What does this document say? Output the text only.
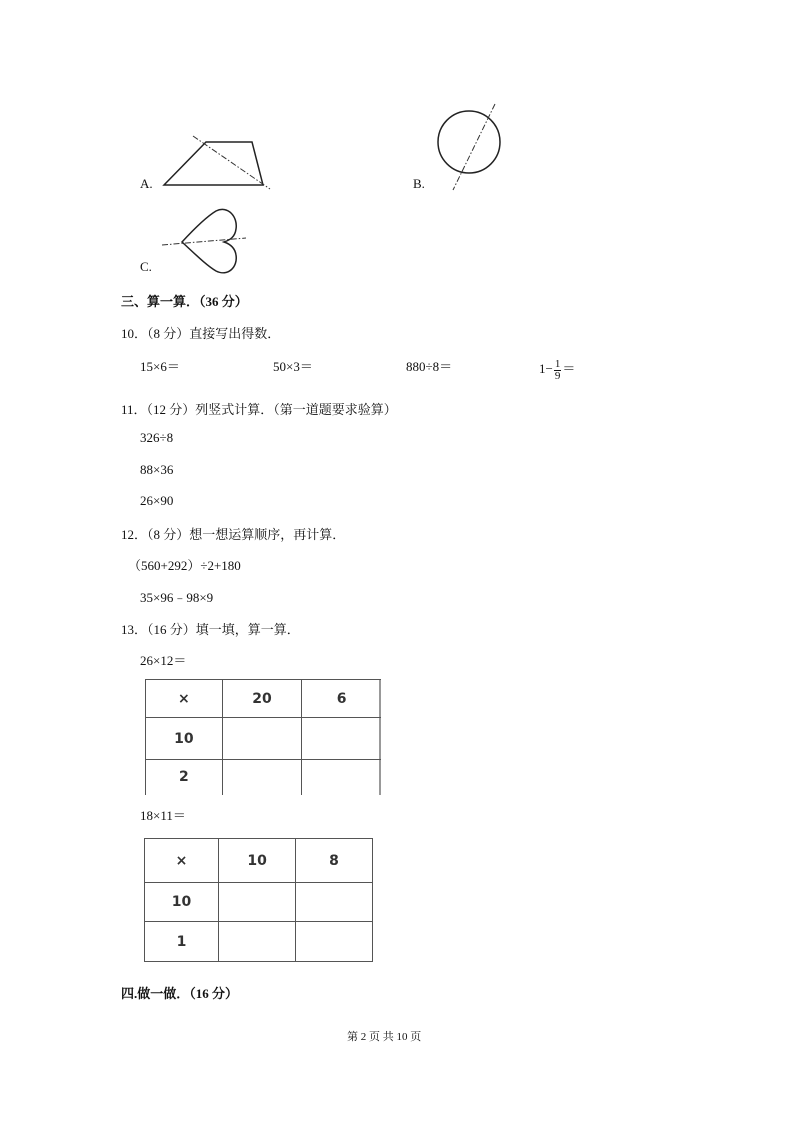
A.	B.
C.
三、算一算．（36 分）
10．（8 分）直接写出得数．
15×6＝	50×3＝	880÷8＝	$1- \frac{1}{9}$ ＝
11．（12 分）列竖式计算．（第一道题要求验算）
326÷8
88×36
26×90
12．（8 分）想一想运算顺序，再计算．
（560+292）÷2+180
35×96﹣98×9
13．（16 分）填一填，算一算．
26×12＝
×	20	6
10		
2		
18×11＝
×	10	8
10		
1		
四.做一做．（16 分）
第 2 页 共 10 页
